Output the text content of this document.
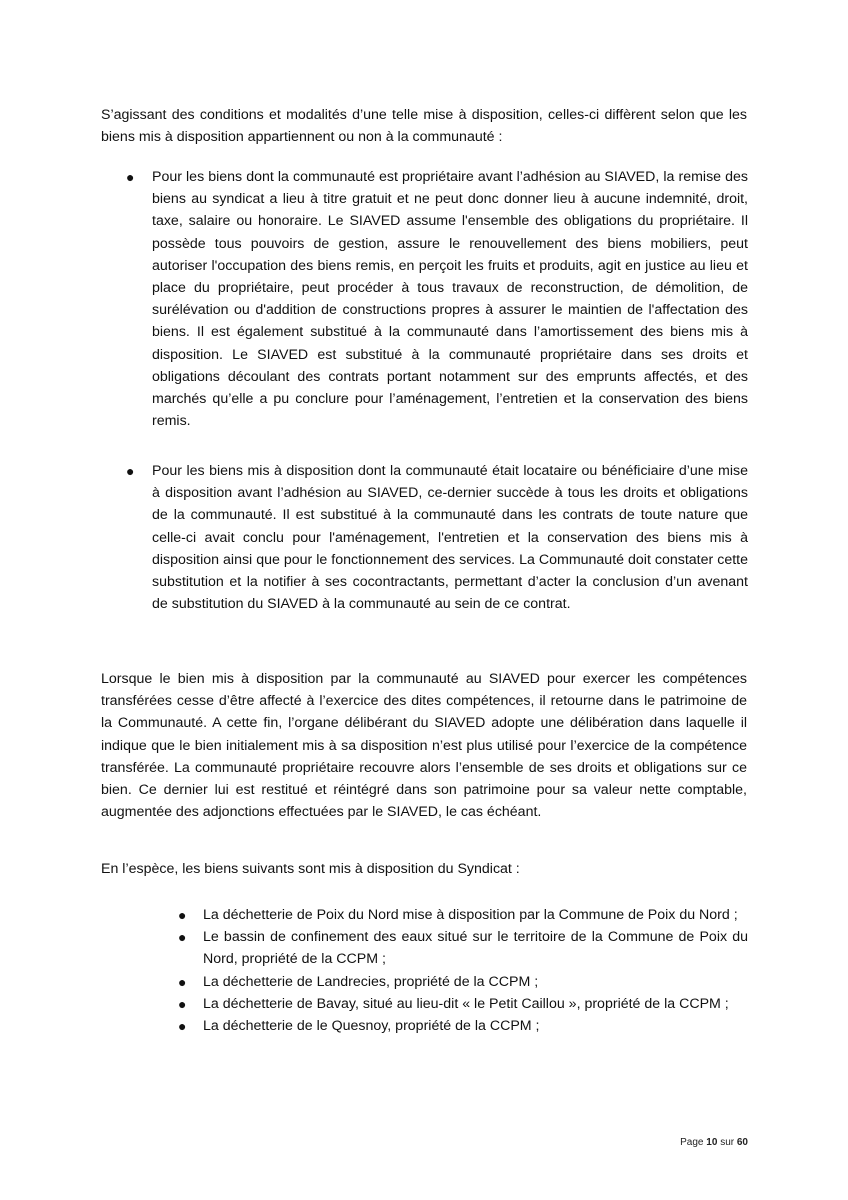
S’agissant des conditions et modalités d’une telle mise à disposition, celles-ci diffèrent selon que les biens mis à disposition appartiennent ou non à la communauté :

● Pour les biens dont la communauté est propriétaire avant l’adhésion au SIAVED, la remise des biens au syndicat a lieu à titre gratuit et ne peut donc donner lieu à aucune indemnité, droit, taxe, salaire ou honoraire. Le SIAVED assume l'ensemble des obligations du propriétaire. Il possède tous pouvoirs de gestion, assure le renouvellement des biens mobiliers, peut autoriser l'occupation des biens remis, en perçoit les fruits et produits, agit en justice au lieu et place du propriétaire, peut procéder à tous travaux de reconstruction, de démolition, de surélévation ou d'addition de constructions propres à assurer le maintien de l'affectation des biens. Il est également substitué à la communauté dans l’amortissement des biens mis à disposition. Le SIAVED est substitué à la communauté propriétaire dans ses droits et obligations découlant des contrats portant notamment sur des emprunts affectés, et des marchés qu’elle a pu conclure pour l’aménagement, l’entretien et la conservation des biens remis.
● Pour les biens mis à disposition dont la communauté était locataire ou bénéficiaire d’une mise à disposition avant l’adhésion au SIAVED, ce-dernier succède à tous les droits et obligations de la communauté. Il est substitué à la communauté dans les contrats de toute nature que celle-ci avait conclu pour l'aménagement, l'entretien et la conservation des biens mis à disposition ainsi que pour le fonctionnement des services. La Communauté doit constater cette substitution et la notifier à ses cocontractants, permettant d’acter la conclusion d’un avenant de substitution du SIAVED à la communauté au sein de ce contrat.

Lorsque le bien mis à disposition par la communauté au SIAVED pour exercer les compétences transférées cesse d’être affecté à l’exercice des dites compétences, il retourne dans le patrimoine de la Communauté. A cette fin, l’organe délibérant du SIAVED adopte une délibération dans laquelle il indique que le bien initialement mis à sa disposition n’est plus utilisé pour l’exercice de la compétence transférée. La communauté propriétaire recouvre alors l’ensemble de ses droits et obligations sur ce bien. Ce dernier lui est restitué et réintégré dans son patrimoine pour sa valeur nette comptable, augmentée des adjonctions effectuées par le SIAVED, le cas échéant.

En l’espèce, les biens suivants sont mis à disposition du Syndicat :

● La déchetterie de Poix du Nord mise à disposition par la Commune de Poix du Nord ;
● Le bassin de confinement des eaux situé sur le territoire de la Commune de Poix du Nord, propriété de la CCPM ;
● La déchetterie de Landrecies, propriété de la CCPM ;
● La déchetterie de Bavay, situé au lieu-dit « le Petit Caillou », propriété de la CCPM ;
● La déchetterie de le Quesnoy, propriété de la CCPM ;
Page 10 sur 60
